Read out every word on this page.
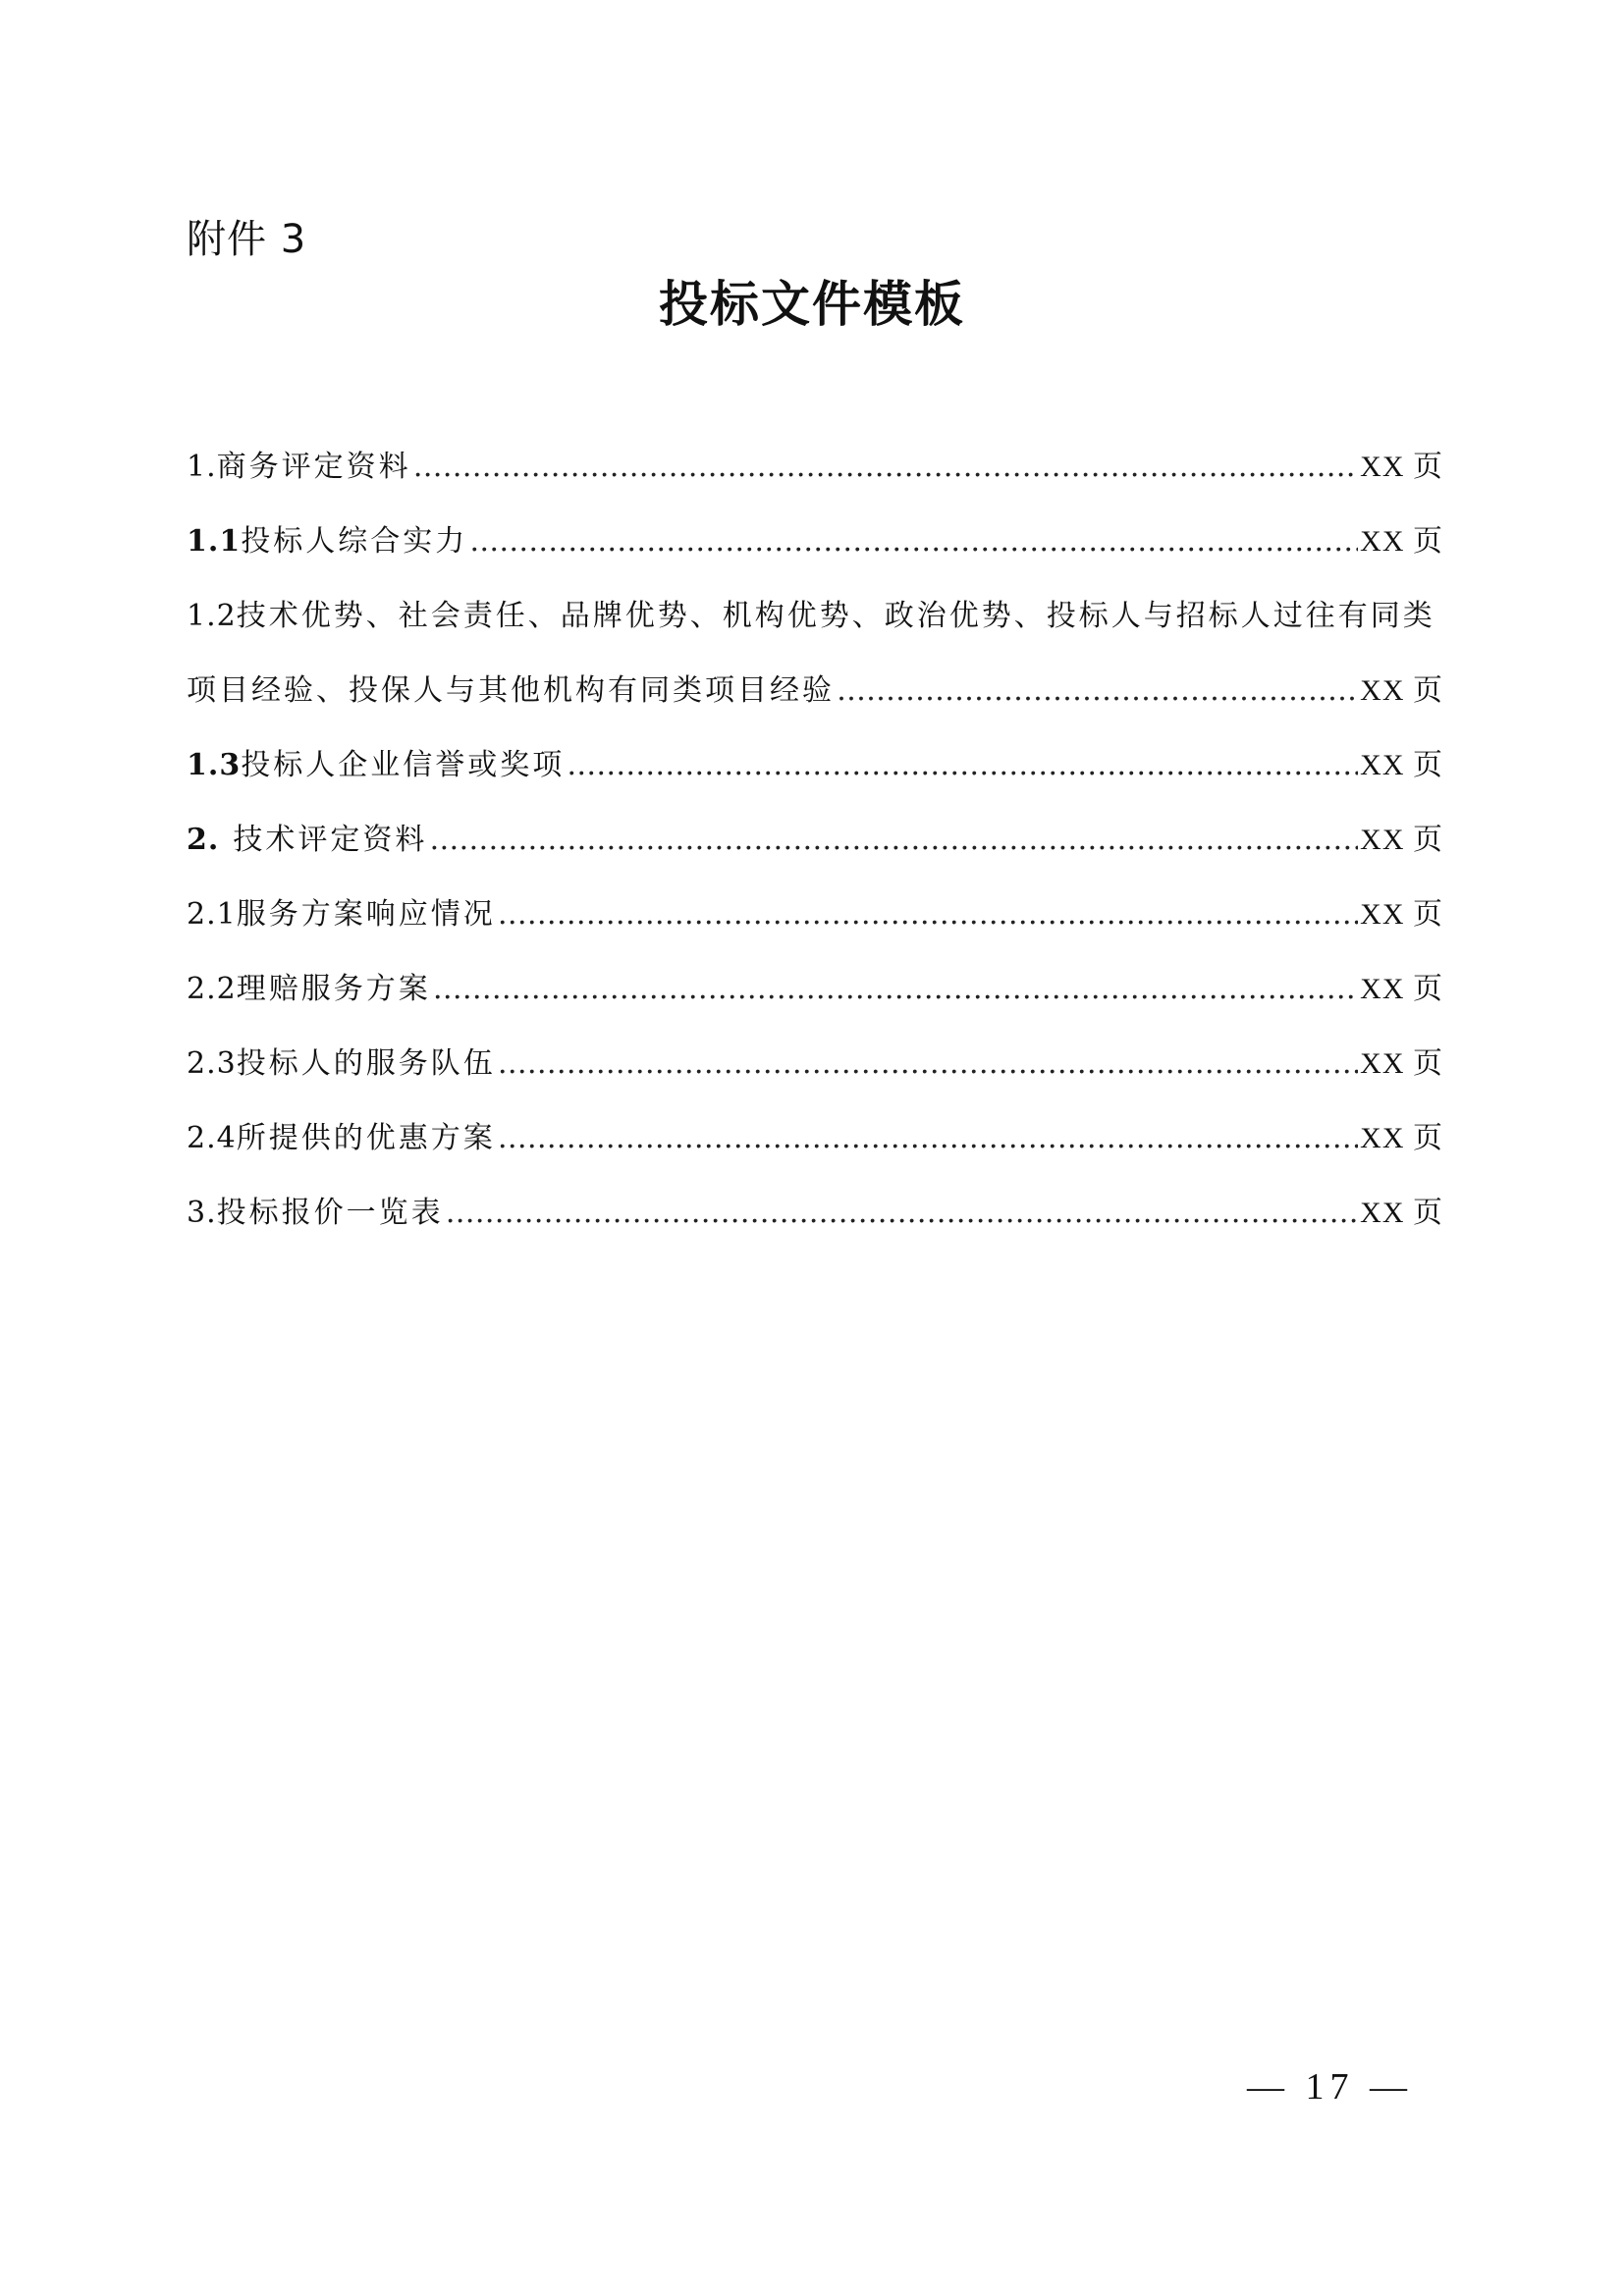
附件 3
投标文件模板
1. 商务评定资料 …………………………………………………………………………………………………………………………………………………………………………………………………	XX 页
1.1 投标人综合实力 …………………………………………………………………………………………………………………………………………………………………………………………………	XX 页
1.2技术优势、社会责任、品牌优势、机构优势、政治优势、投标人与招标人过往有同类
项目经验、投保人与其他机构有同类项目经验 …………………………………………………………………………………………………………………………………………………………………………………………………	XX 页
1.3 投标人企业信誉或奖项 …………………………………………………………………………………………………………………………………………………………………………………………………	XX 页
2. 技术评定资料 …………………………………………………………………………………………………………………………………………………………………………………………………	XX 页
2.1 服务方案响应情况 …………………………………………………………………………………………………………………………………………………………………………………………………	XX 页
2.2 理赔服务方案 …………………………………………………………………………………………………………………………………………………………………………………………………	XX 页
2.3 投标人的服务队伍 …………………………………………………………………………………………………………………………………………………………………………………………………	XX 页
2.4 所提供的优惠方案 …………………………………………………………………………………………………………………………………………………………………………………………………	XX 页
3. 投标报价一览表 …………………………………………………………………………………………………………………………………………………………………………………………………	XX 页
— 17 —
